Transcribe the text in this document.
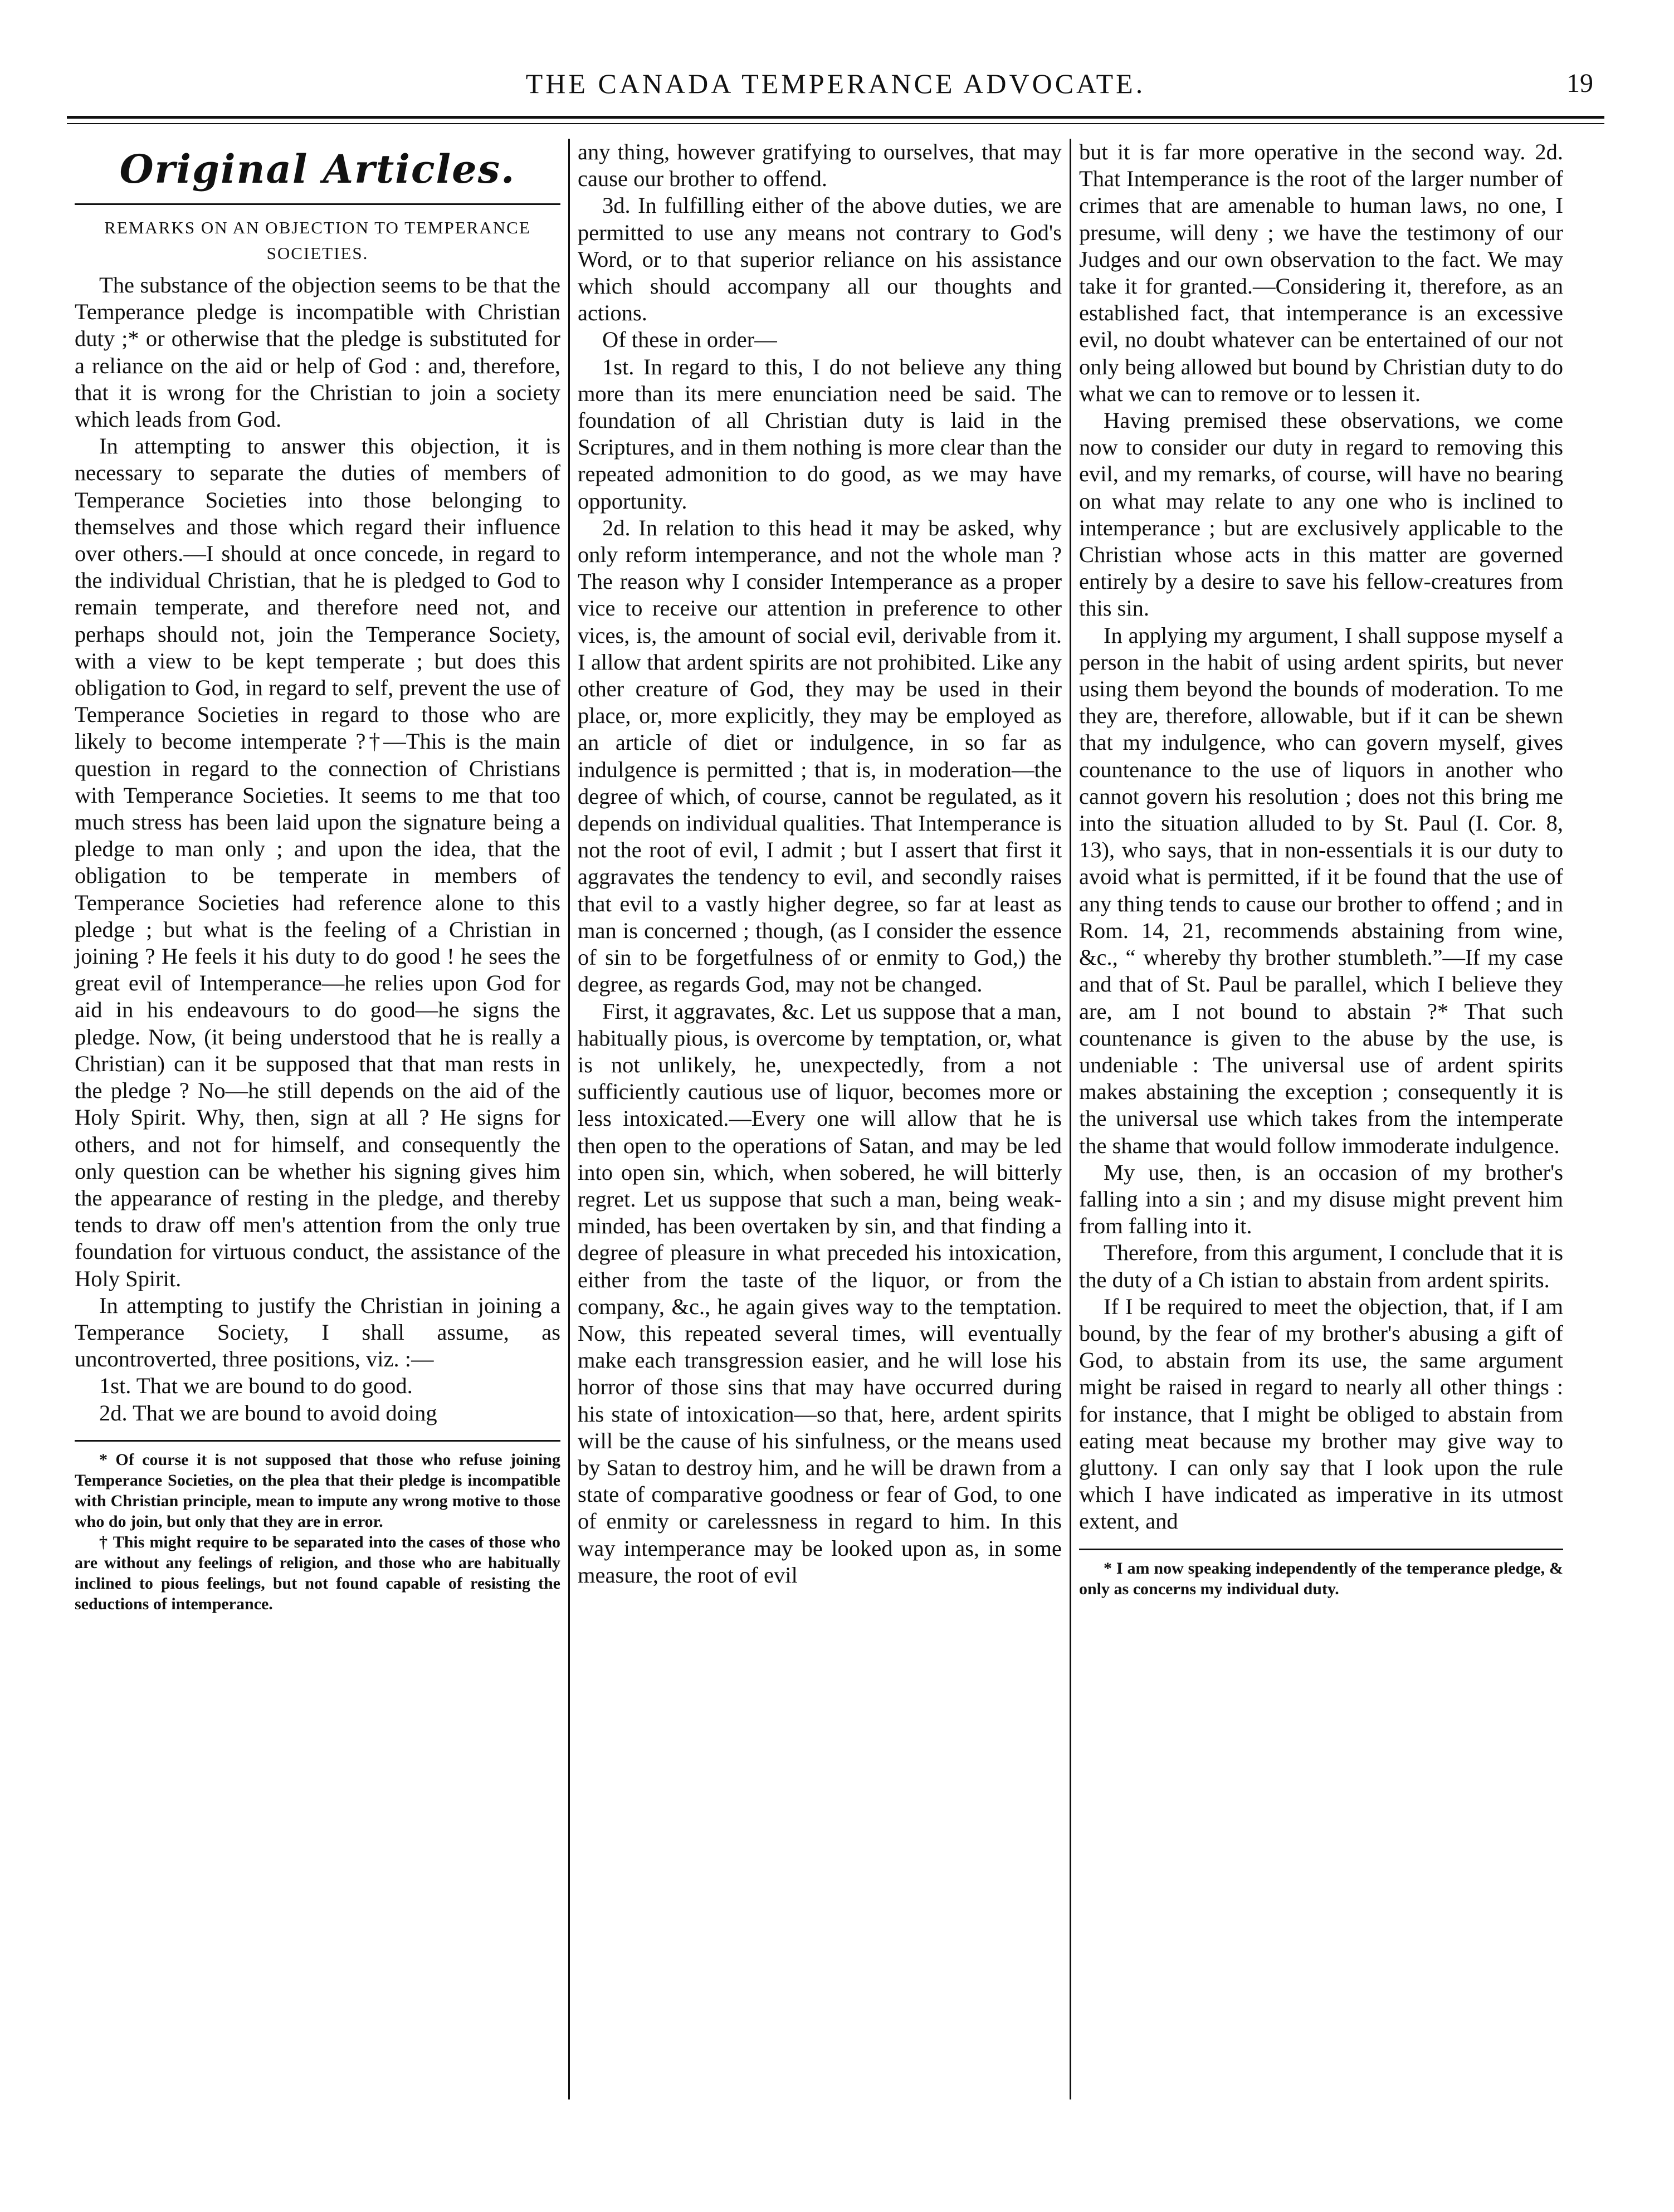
THE CANADA TEMPERANCE ADVOCATE.	19
Original Articles.
REMARKS ON AN OBJECTION TO TEMPERANCE SOCIETIES.

The substance of the objection seems to be that the Temperance pledge is incompatible with Christian duty ;* or otherwise that the pledge is substituted for a reliance on the aid or help of God : and, therefore, that it is wrong for the Christian to join a society which leads from God.

In attempting to answer this objection, it is necessary to separate the duties of members of Temperance Societies into those belonging to themselves and those which regard their influence over others.—I should at once concede, in regard to the individual Christian, that he is pledged to God to remain temperate, and therefore need not, and perhaps should not, join the Temperance Society, with a view to be kept temperate ; but does this obligation to God, in regard to self, prevent the use of Temperance Societies in regard to those who are likely to become intemperate ?†—This is the main question in regard to the connection of Christians with Temperance Societies. It seems to me that too much stress has been laid upon the signature being a pledge to man only ; and upon the idea, that the obligation to be temperate in members of Temperance Societies had reference alone to this pledge ; but what is the feeling of a Christian in joining ? He feels it his duty to do good ! he sees the great evil of Intemperance—he relies upon God for aid in his endeavours to do good—he signs the pledge. Now, (it being understood that he is really a Christian) can it be supposed that that man rests in the pledge ? No—he still depends on the aid of the Holy Spirit. Why, then, sign at all ? He signs for others, and not for himself, and consequently the only question can be whether his signing gives him the appearance of resting in the pledge, and thereby tends to draw off men's attention from the only true foundation for virtuous conduct, the assistance of the Holy Spirit.

In attempting to justify the Christian in joining a Temperance Society, I shall assume, as uncontroverted, three positions, viz. :—

1st. That we are bound to do good.

2d. That we are bound to avoid doing

* Of course it is not supposed that those who refuse joining Temperance Societies, on the plea that their pledge is incompatible with Christian principle, mean to impute any wrong motive to those who do join, but only that they are in error.

† This might require to be separated into the cases of those who are without any feelings of religion, and those who are habitually inclined to pious feelings, but not found capable of resisting the seductions of intemperance.

any thing, however gratifying to ourselves, that may cause our brother to offend.

3d. In fulfilling either of the above duties, we are permitted to use any means not contrary to God's Word, or to that superior reliance on his assistance which should accompany all our thoughts and actions.

Of these in order—

1st. In regard to this, I do not believe any thing more than its mere enunciation need be said. The foundation of all Christian duty is laid in the Scriptures, and in them nothing is more clear than the repeated admonition to do good, as we may have opportunity.

2d. In relation to this head it may be asked, why only reform intemperance, and not the whole man ? The reason why I consider Intemperance as a proper vice to receive our attention in preference to other vices, is, the amount of social evil, derivable from it. I allow that ardent spirits are not prohibited. Like any other creature of God, they may be used in their place, or, more explicitly, they may be employed as an article of diet or indulgence, in so far as indulgence is permitted ; that is, in moderation—the degree of which, of course, cannot be regulated, as it depends on individual qualities. That Intemperance is not the root of evil, I admit ; but I assert that first it aggravates the tendency to evil, and secondly raises that evil to a vastly higher degree, so far at least as man is concerned ; though, (as I consider the essence of sin to be forgetfulness of or enmity to God,) the degree, as regards God, may not be changed.

First, it aggravates, &c. Let us suppose that a man, habitually pious, is overcome by temptation, or, what is not unlikely, he, unexpectedly, from a not sufficiently cautious use of liquor, becomes more or less intoxicated.—Every one will allow that he is then open to the operations of Satan, and may be led into open sin, which, when sobered, he will bitterly regret. Let us suppose that such a man, being weak-minded, has been overtaken by sin, and that finding a degree of pleasure in what preceded his intoxication, either from the taste of the liquor, or from the company, &c., he again gives way to the temptation. Now, this repeated several times, will eventually make each transgression easier, and he will lose his horror of those sins that may have occurred during his state of intoxication—so that, here, ardent spirits will be the cause of his sinfulness, or the means used by Satan to destroy him, and he will be drawn from a state of comparative goodness or fear of God, to one of enmity or carelessness in regard to him. In this way intemperance may be looked upon as, in some measure, the root of evil

but it is far more operative in the second way. 2d. That Intemperance is the root of the larger number of crimes that are amenable to human laws, no one, I presume, will deny ; we have the testimony of our Judges and our own observation to the fact. We may take it for granted.—Considering it, therefore, as an established fact, that intemperance is an excessive evil, no doubt whatever can be entertained of our not only being allowed but bound by Christian duty to do what we can to remove or to lessen it.

Having premised these observations, we come now to consider our duty in regard to removing this evil, and my remarks, of course, will have no bearing on what may relate to any one who is inclined to intemperance ; but are exclusively applicable to the Christian whose acts in this matter are governed entirely by a desire to save his fellow-creatures from this sin.

In applying my argument, I shall suppose myself a person in the habit of using ardent spirits, but never using them beyond the bounds of moderation. To me they are, therefore, allowable, but if it can be shewn that my indulgence, who can govern myself, gives countenance to the use of liquors in another who cannot govern his resolution ; does not this bring me into the situation alluded to by St. Paul (I. Cor. 8, 13), who says, that in non-essentials it is our duty to avoid what is permitted, if it be found that the use of any thing tends to cause our brother to offend ; and in Rom. 14, 21, recommends abstaining from wine, &c., “ whereby thy brother stumbleth.”—If my case and that of St. Paul be parallel, which I believe they are, am I not bound to abstain ?* That such countenance is given to the abuse by the use, is undeniable : The universal use of ardent spirits makes abstaining the exception ; consequently it is the universal use which takes from the intemperate the shame that would follow immoderate indulgence.

My use, then, is an occasion of my brother's falling into a sin ; and my disuse might prevent him from falling into it.

Therefore, from this argument, I conclude that it is the duty of a Ch istian to abstain from ardent spirits.

If I be required to meet the objection, that, if I am bound, by the fear of my brother's abusing a gift of God, to abstain from its use, the same argument might be raised in regard to nearly all other things : for instance, that I might be obliged to abstain from eating meat because my brother may give way to gluttony. I can only say that I look upon the rule which I have indicated as imperative in its utmost extent, and

* I am now speaking independently of the temperance pledge, & only as concerns my individual duty.
